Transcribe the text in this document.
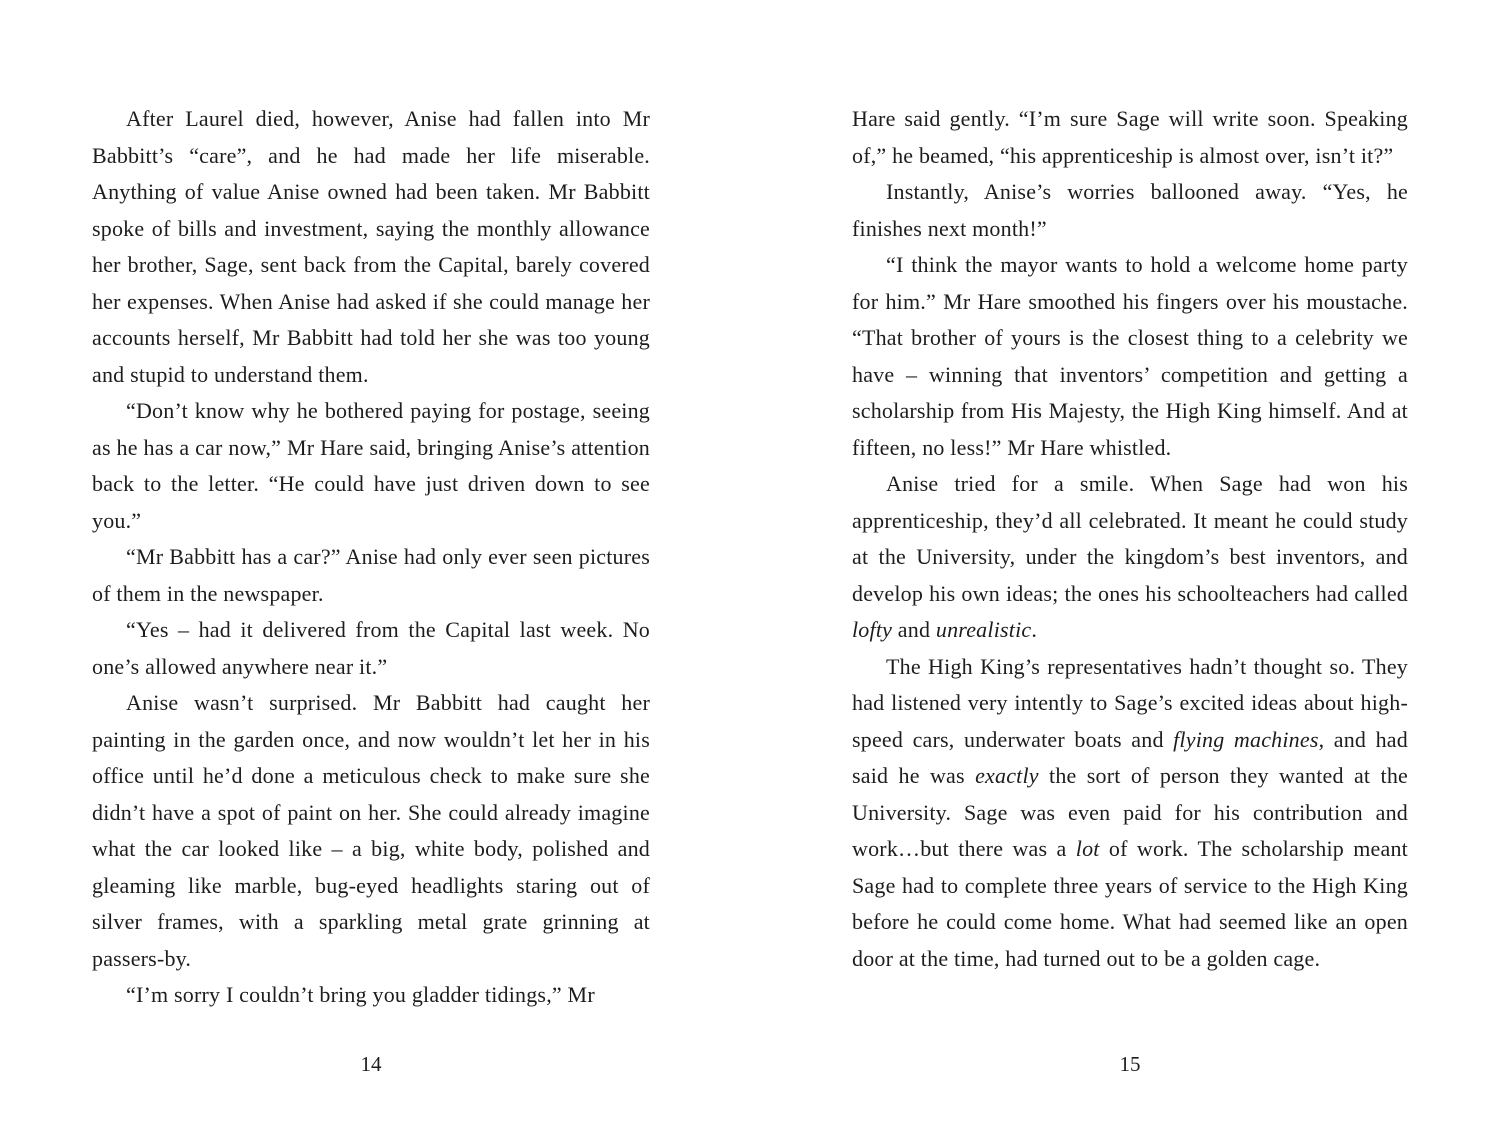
After Laurel died, however, Anise had fallen into Mr Babbitt’s “care”, and he had made her life miserable. Anything of value Anise owned had been taken. Mr Babbitt spoke of bills and investment, saying the monthly allowance her brother, Sage, sent back from the Capital, barely covered her expenses. When Anise had asked if she could manage her accounts herself, Mr Babbitt had told her she was too young and stupid to understand them.

“Don’t know why he bothered paying for postage, seeing as he has a car now,” Mr Hare said, bringing Anise’s attention back to the letter. “He could have just driven down to see you.”

“Mr Babbitt has a car?” Anise had only ever seen pictures of them in the newspaper.

“Yes – had it delivered from the Capital last week. No one’s allowed anywhere near it.”

Anise wasn’t surprised. Mr Babbitt had caught her painting in the garden once, and now wouldn’t let her in his office until he’d done a meticulous check to make sure she didn’t have a spot of paint on her. She could already imagine what the car looked like – a big, white body, polished and gleaming like marble, bug-eyed headlights staring out of silver frames, with a sparkling metal grate grinning at passers-by.

“I’m sorry I couldn’t bring you gladder tidings,” Mr

14

Hare said gently. “I’m sure Sage will write soon. Speaking of,” he beamed, “his apprenticeship is almost over, isn’t it?”

Instantly, Anise’s worries ballooned away. “Yes, he finishes next month!”

“I think the mayor wants to hold a welcome home party for him.” Mr Hare smoothed his fingers over his moustache. “That brother of yours is the closest thing to a celebrity we have – winning that inventors’ competition and getting a scholarship from His Majesty, the High King himself. And at fifteen, no less!” Mr Hare whistled.

Anise tried for a smile. When Sage had won his apprenticeship, they’d all celebrated. It meant he could study at the University, under the kingdom’s best inventors, and develop his own ideas; the ones his schoolteachers had called lofty and unrealistic.

The High King’s representatives hadn’t thought so. They had listened very intently to Sage’s excited ideas about high-speed cars, underwater boats and flying machines, and had said he was exactly the sort of person they wanted at the University. Sage was even paid for his contribution and work…but there was a lot of work. The scholarship meant Sage had to complete three years of service to the High King before he could come home. What had seemed like an open door at the time, had turned out to be a golden cage.

15
